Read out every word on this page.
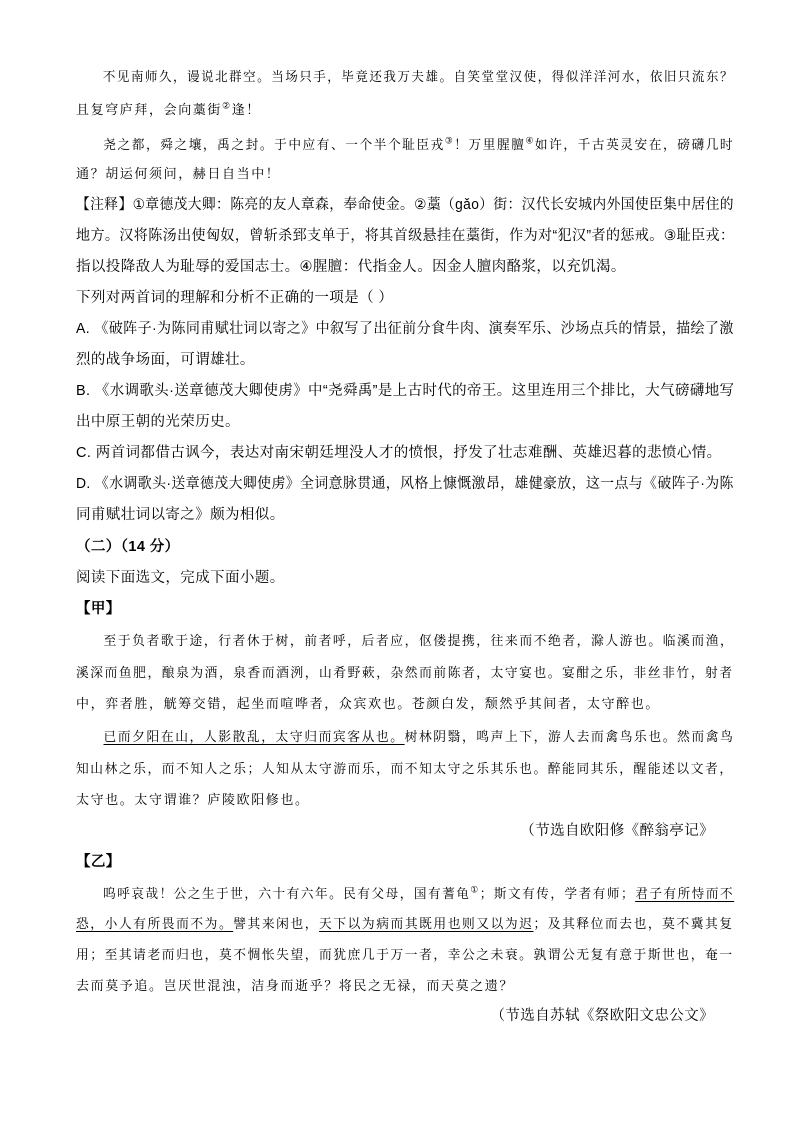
不见南师久，谩说北群空。当场只手，毕竟还我万夫雄。自笑堂堂汉使，得似洋洋河水，依旧只流东？
且复穹庐拜，会向藁街②逢！
尧之都，舜之壤，禹之封。于中应有、一个半个耻臣戎③！万里腥膻④如许，千古英灵安在，磅礴几时
通？胡运何须问，赫日自当中！
【注释】①章德茂大卿：陈亮的友人章森，奉命使金。②藁（gǎo）街：汉代长安城内外国使臣集中居住的
地方。汉将陈汤出使匈奴，曾斩杀郅支单于，将其首级悬挂在藁街，作为对“犯汉”者的惩戒。③耻臣戎：
指以投降敌人为耻辱的爱国志士。④腥膻：代指金人。因金人膻肉酪浆，以充饥渴。
下列对两首词的理解和分析不正确的一项是（ ）
A. 《破阵子·为陈同甫赋壮词以寄之》中叙写了出征前分食牛肉、演奏军乐、沙场点兵的情景，描绘了激
烈的战争场面，可谓雄壮。
B. 《水调歌头·送章德茂大卿使虏》中“尧舜禹”是上古时代的帝王。这里连用三个排比，大气磅礴地写
出中原王朝的光荣历史。
C. 两首词都借古讽今，表达对南宋朝廷埋没人才的愤恨，抒发了壮志难酬、英雄迟暮的悲愤心情。
D. 《水调歌头·送章德茂大卿使虏》全词意脉贯通，风格上慷慨激昂，雄健豪放，这一点与《破阵子·为陈
同甫赋壮词以寄之》颇为相似。
（二）（14 分）
阅读下面选文，完成下面小题。
【甲】
至于负者歌于途，行者休于树，前者呼，后者应，伛偻提携，往来而不绝者，滁人游也。临溪而渔，
溪深而鱼肥，酿泉为酒，泉香而酒洌，山肴野蔌，杂然而前陈者，太守宴也。宴酣之乐，非丝非竹，射者
中，弈者胜，觥筹交错，起坐而喧哗者，众宾欢也。苍颜白发，颓然乎其间者，太守醉也。
已而夕阳在山，人影散乱，太守归而宾客从也。树林阴翳，鸣声上下，游人去而禽鸟乐也。然而禽鸟
知山林之乐，而不知人之乐；人知从太守游而乐，而不知太守之乐其乐也。醉能同其乐，醒能述以文者，
太守也。太守谓谁？庐陵欧阳修也。
（节选自欧阳修《醉翁亭记》
【乙】
呜呼哀哉！公之生于世，六十有六年。民有父母，国有蓍龟①；斯文有传，学者有师；君子有所恃而不
恐，小人有所畏而不为。譬其来闲也，天下以为病而其既用也则又以为迟；及其释位而去也，莫不冀其复
用；至其请老而归也，莫不惆怅失望，而犹庶几于万一者，幸公之未衰。孰谓公无复有意于斯世也，奄一
去而莫予追。岂厌世混浊，洁身而逝乎？将民之无禄，而天莫之遗？
（节选自苏轼《祭欧阳文忠公文》
